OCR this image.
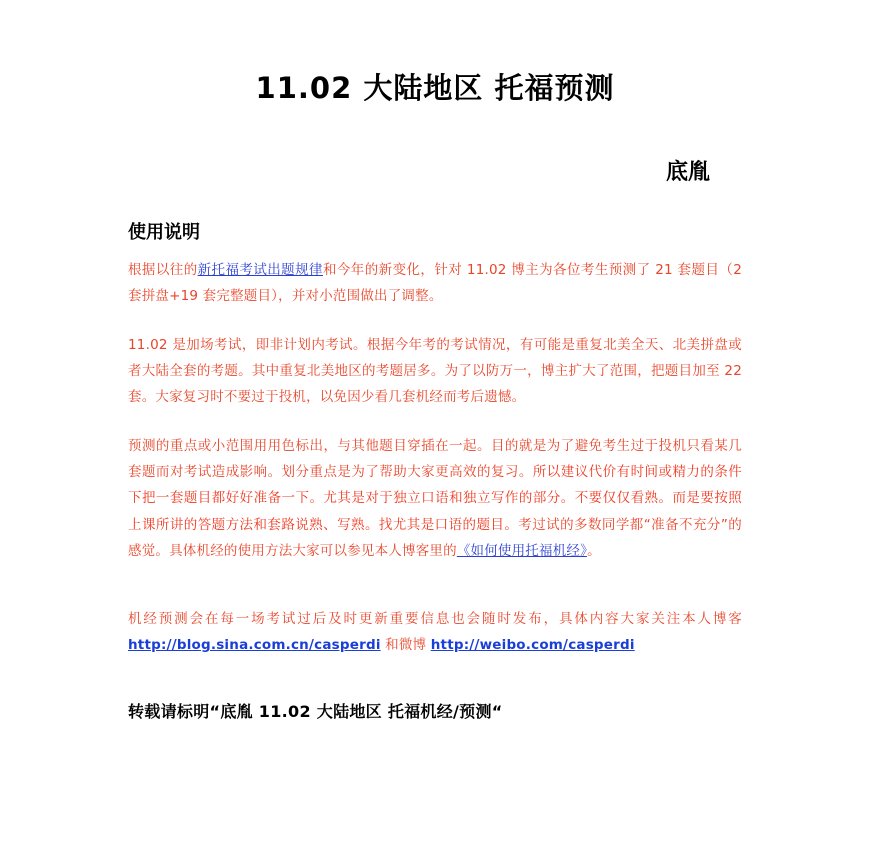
11.02 大陆地区 托福预测
底胤
使用说明

根据以往的新托福考试出题规律和今年的新变化，针对 11.02 博主为各位考生预测了 21 套题目（2 套拼盘+19 套完整题目），并对小范围做出了调整。

11.02 是加场考试，即非计划内考试。根据今年考的考试情况，有可能是重复北美全天、北美拼盘或者大陆全套的考题。其中重复北美地区的考题居多。为了以防万一，博主扩大了范围，把题目加至 22 套。大家复习时不要过于投机，以免因少看几套机经而考后遗憾。

预测的重点或小范围用用色标出，与其他题目穿插在一起。目的就是为了避免考生过于投机只看某几套题而对考试造成影响。划分重点是为了帮助大家更高效的复习。所以建议代价有时间或精力的条件下把一套题目都好好准备一下。尤其是对于独立口语和独立写作的部分。不要仅仅看熟。而是要按照上课所讲的答题方法和套路说熟、写熟。找尤其是口语的题目。考过试的多数同学都“准备不充分”的感觉。具体机经的使用方法大家可以参见本人博客里的《如何使用托福机经》。

机经预测会在每一场考试过后及时更新重要信息也会随时发布，具体内容大家关注本人博客http://blog.sina.com.cn/casperdi 和微博 http://weibo.com/casperdi

转载请标明“底胤 11.02 大陆地区 托福机经/预测“
